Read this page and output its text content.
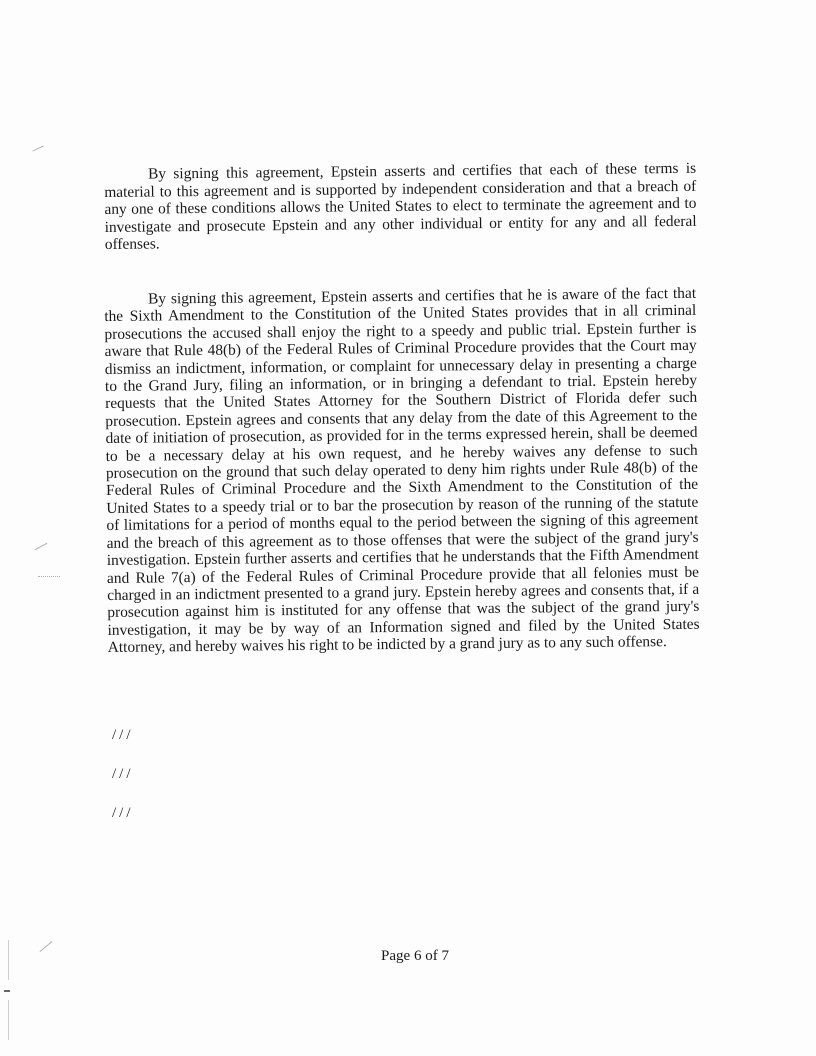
By signing this agreement, Epstein asserts and certifies that each of these terms is material to this agreement and is supported by independent consideration and that a breach of any one of these conditions allows the United States to elect to terminate the agreement and to investigate and prosecute Epstein and any other individual or entity for any and all federal offenses.

By signing this agreement, Epstein asserts and certifies that he is aware of the fact that the Sixth Amendment to the Constitution of the United States provides that in all criminal prosecutions the accused shall enjoy the right to a speedy and public trial. Epstein further is aware that Rule 48(b) of the Federal Rules of Criminal Procedure provides that the Court may dismiss an indictment, information, or complaint for unnecessary delay in presenting a charge to the Grand Jury, filing an information, or in bringing a defendant to trial. Epstein hereby requests that the United States Attorney for the Southern District of Florida defer such prosecution. Epstein agrees and consents that any delay from the date of this Agreement to the date of initiation of prosecution, as provided for in the terms expressed herein, shall be deemed to be a necessary delay at his own request, and he hereby waives any defense to such prosecution on the ground that such delay operated to deny him rights under Rule 48(b) of the Federal Rules of Criminal Procedure and the Sixth Amendment to the Constitution of the United States to a speedy trial or to bar the prosecution by reason of the running of the statute of limitations for a period of months equal to the period between the signing of this agreement and the breach of this agreement as to those offenses that were the subject of the grand jury's investigation. Epstein further asserts and certifies that he understands that the Fifth Amendment and Rule 7(a) of the Federal Rules of Criminal Procedure provide that all felonies must be charged in an indictment presented to a grand jury. Epstein hereby agrees and consents that, if a prosecution against him is instituted for any offense that was the subject of the grand jury's investigation, it may be by way of an Information signed and filed by the United States Attorney, and hereby waives his right to be indicted by a grand jury as to any such offense.

///

///

///

Page 6 of 7
